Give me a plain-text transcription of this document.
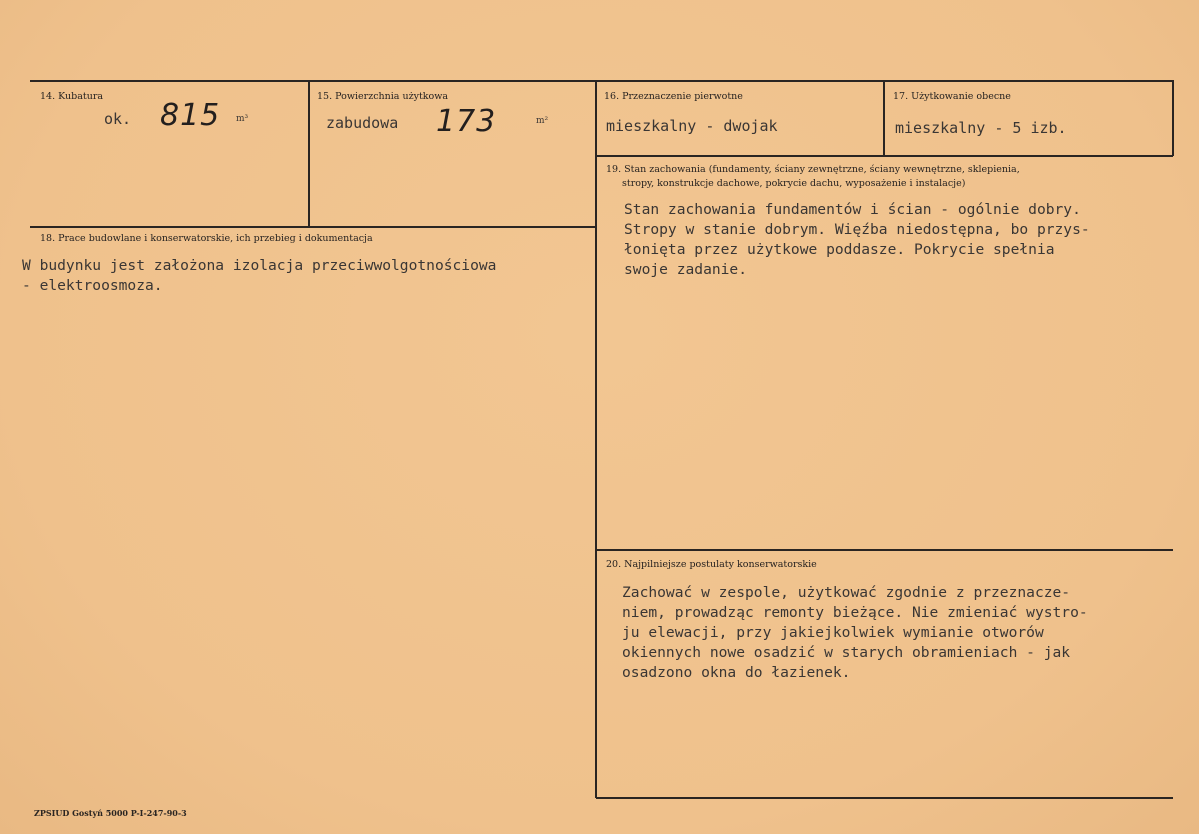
14. Kubatura
ok. 815 m³
15. Powierzchnia użytkowa
zabudowa 173	m²
16. Przeznaczenie pierwotne
mieszkalny - dwojak
17. Użytkowanie obecne
mieszkalny - 5 izb.
18. Prace budowlane i konserwatorskie, ich przebieg i dokumentacja
W budynku jest założona izolacja przeciwwolgotnościowa
- elektroosmoza.
19. Stan zachowania (fundamenty, ściany zewnętrzne, ściany wewnętrzne, sklepienia,
stropy, konstrukcje dachowe, pokrycie dachu, wyposażenie i instalacje)
Stan zachowania fundamentów i ścian - ogólnie dobry.
Stropy w stanie dobrym. Więźba niedostępna, bo przys-
łonięta przez użytkowe poddasze. Pokrycie spełnia
swoje zadanie.
20. Najpilniejsze postulaty konserwatorskie
Zachować w zespole, użytkować zgodnie z przeznacze-
niem, prowadząc remonty bieżące. Nie zmieniać wystro-
ju elewacji, przy jakiejkolwiek wymianie otworów
okiennych nowe osadzić w starych obramieniach - jak
osadzono okna do łazienek.
ZPSIUD Gostyń 5000 P-I-247-90-3
